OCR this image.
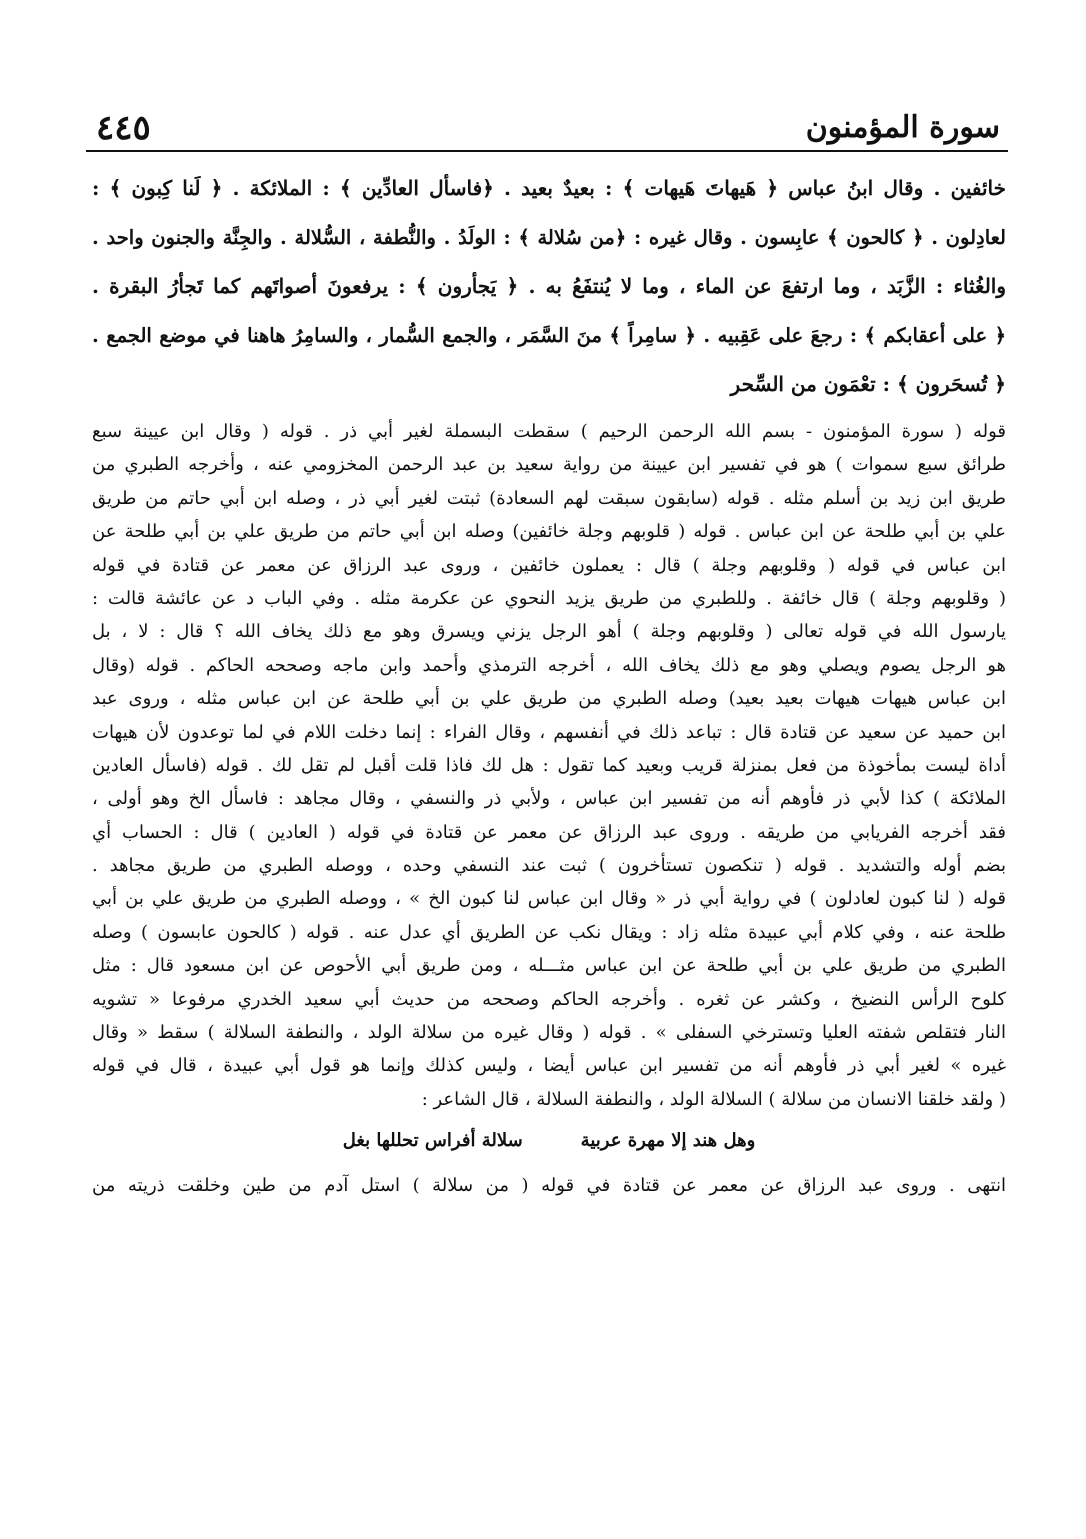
سورة المؤمنون
٤٤٥
خائفين . وقال ابنُ عباس ﴿ هَيهاتَ هَيهات ﴾ : بعيدٌ بعيد . ﴿فاسأل العادِّين ﴾ : الملائكة . ﴿ لَنا كِبون ﴾ :
لعادِلون . ﴿ كالحون ﴾ عابِسون . وقال غيره : ﴿من سُلالة ﴾ : الولَدُ . والنُّطفة ، السُّلالة . والجِنَّة والجنون واحد .
والغُثاء : الزَّبَد ، وما ارتفعَ عن الماء ، وما لا يُنتفَعُ به . ﴿ يَجأرون ﴾ : يرفعونَ أصواتَهم كما تَجأرُ البقرة .
﴿ على أعقابكم ﴾ : رجعَ على عَقِبيه . ﴿ سامِراً ﴾ منَ السَّمَر ، والجمع السُّمار ، والسامِرُ هاهنا في موضع الجمع .
﴿ تُسحَرون ﴾ : تعْمَون من السِّحر
قوله ( سورة المؤمنون - بسم الله الرحمن الرحيم ) سقطت البسملة لغير أبي ذر . قوله ( وقال ابن عيينة سبع
طرائق سبع سموات ) هو في تفسير ابن عيينة من رواية سعيد بن عبد الرحمن المخزومي عنه ، وأخرجه الطبري من
طريق ابن زيد بن أسلم مثله . قوله (سابقون سبقت لهم السعادة) ثبتت لغير أبي ذر ، وصله ابن أبي حاتم من طريق
علي بن أبي طلحة عن ابن عباس . قوله ( قلوبهم وجلة خائفين) وصله ابن أبي حاتم من طريق علي بن أبي طلحة عن
ابن عباس في قوله ( وقلوبهم وجلة ) قال : يعملون خائفين ، وروى عبد الرزاق عن معمر عن قتادة في قوله
( وقلوبهم وجلة ) قال خائفة . وللطبري من طريق يزيد النحوي عن عكرمة مثله . وفي الباب د عن عائشة قالت :
يارسول الله في قوله تعالى ( وقلوبهم وجلة ) أهو الرجل يزني ويسرق وهو مع ذلك يخاف الله ؟ قال : لا ، بل
هو الرجل يصوم ويصلي وهو مع ذلك يخاف الله ، أخرجه الترمذي وأحمد وابن ماجه وصححه الحاكم . قوله (وقال
ابن عباس هيهات هيهات بعيد بعيد) وصله الطبري من طريق علي بن أبي طلحة عن ابن عباس مثله ، وروى عبد
ابن حميد عن سعيد عن قتادة قال : تباعد ذلك في أنفسهم ، وقال الفراء : إنما دخلت اللام في لما توعدون لأن هيهات
أداة ليست بمأخوذة من فعل بمنزلة قريب وبعيد كما تقول : هل لك فاذا قلت أقبل لم تقل لك . قوله (فاسأل العادين
الملائكة ) كذا لأبي ذر فأوهم أنه من تفسير ابن عباس ، ولأبي ذر والنسفي ، وقال مجاهد : فاسأل الخ وهو أولى ،
فقد أخرجه الفريابي من طريقه . وروى عبد الرزاق عن معمر عن قتادة في قوله ( العادين ) قال : الحساب أي
بضم أوله والتشديد . قوله ( تنكصون تستأخرون ) ثبت عند النسفي وحده ، ووصله الطبري من طريق مجاهد .
قوله ( لنا كبون لعادلون ) في رواية أبي ذر « وقال ابن عباس لنا كبون الخ » ، ووصله الطبري من طريق علي بن أبي
طلحة عنه ، وفي كلام أبي عبيدة مثله زاد : ويقال نكب عن الطريق أي عدل عنه . قوله ( كالحون عابسون ) وصله
الطبري من طريق علي بن أبي طلحة عن ابن عباس مثـــله ، ومن طريق أبي الأحوص عن ابن مسعود قال : مثل
كلوح الرأس النضيخ ، وكشر عن ثغره . وأخرجه الحاكم وصححه من حديث أبي سعيد الخدري مرفوعا « تشويه
النار فتقلص شفته العليا وتسترخي السفلى » . قوله ( وقال غيره من سلالة الولد ، والنطفة السلالة ) سقط « وقال
غيره » لغير أبي ذر فأوهم أنه من تفسير ابن عباس أيضا ، وليس كذلك وإنما هو قول أبي عبيدة ، قال في قوله
( ولقد خلقنا الانسان من سلالة ) السلالة الولد ، والنطفة السلالة ، قال الشاعر :
وهل هند إلا مهرة عربية
سلالة أفراس تحللها بغل
انتهى . وروى عبد الرزاق عن معمر عن قتادة في قوله ( من سلالة ) استل آدم من طين وخلقت ذريته من
